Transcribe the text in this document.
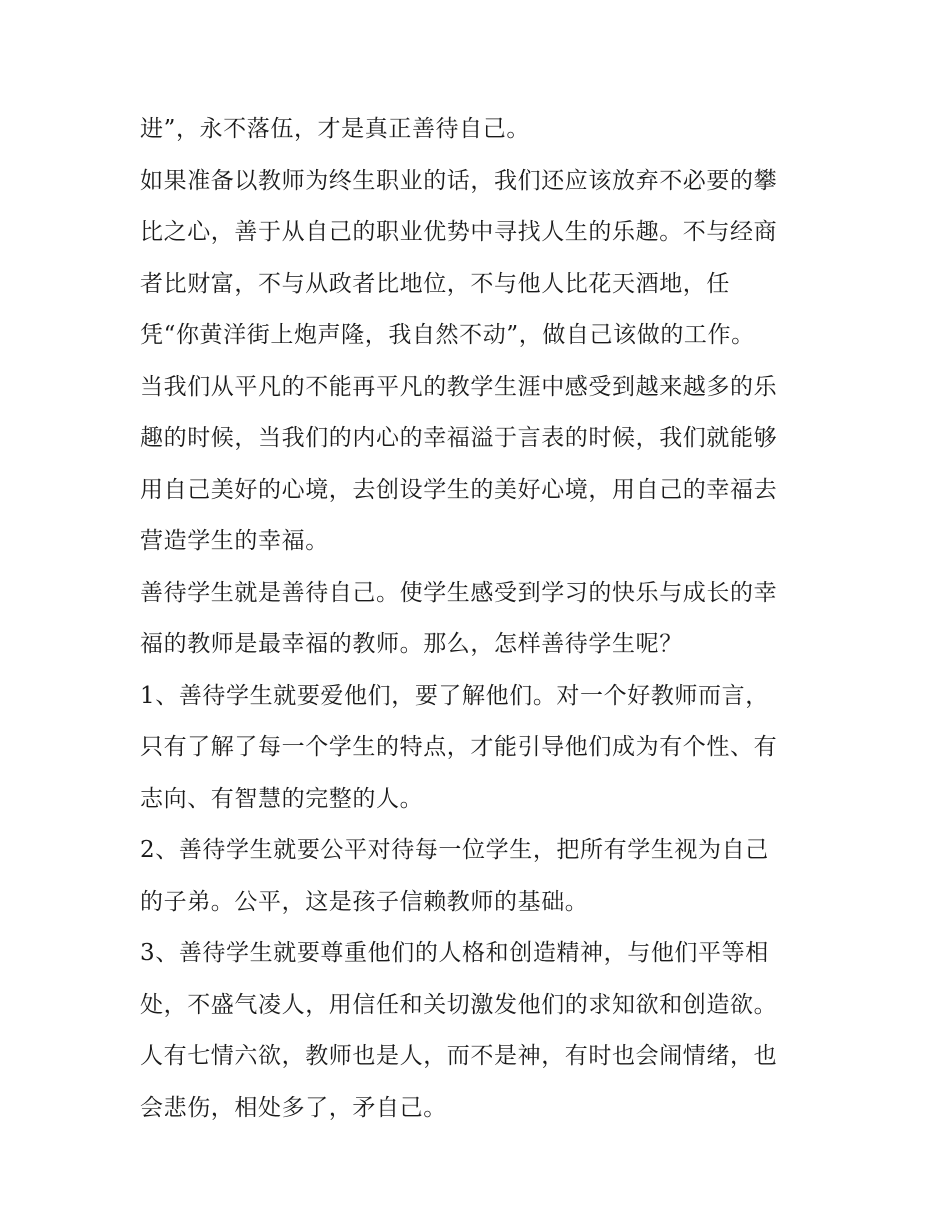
进”，永不落伍，才是真正善待自己。
如果准备以教师为终生职业的话，我们还应该放弃不必要的攀
比之心，善于从自己的职业优势中寻找人生的乐趣。不与经商
者比财富，不与从政者比地位，不与他人比花天酒地，任
凭“你黄洋街上炮声隆，我自然不动”，做自己该做的工作。
当我们从平凡的不能再平凡的教学生涯中感受到越来越多的乐
趣的时候，当我们的内心的幸福溢于言表的时候，我们就能够
用自己美好的心境，去创设学生的美好心境，用自己的幸福去
营造学生的幸福。
善待学生就是善待自己。使学生感受到学习的快乐与成长的幸
福的教师是最幸福的教师。那么，怎样善待学生呢？
1、善待学生就要爱他们，要了解他们。对一个好教师而言，
只有了解了每一个学生的特点，才能引导他们成为有个性、有
志向、有智慧的完整的人。
2、善待学生就要公平对待每一位学生，把所有学生视为自己
的子弟。公平，这是孩子信赖教师的基础。
3、善待学生就要尊重他们的人格和创造精神，与他们平等相
处，不盛气凌人，用信任和关切激发他们的求知欲和创造欲。
人有七情六欲，教师也是人，而不是神，有时也会闹情绪，也
会悲伤，相处多了，矛自己。
